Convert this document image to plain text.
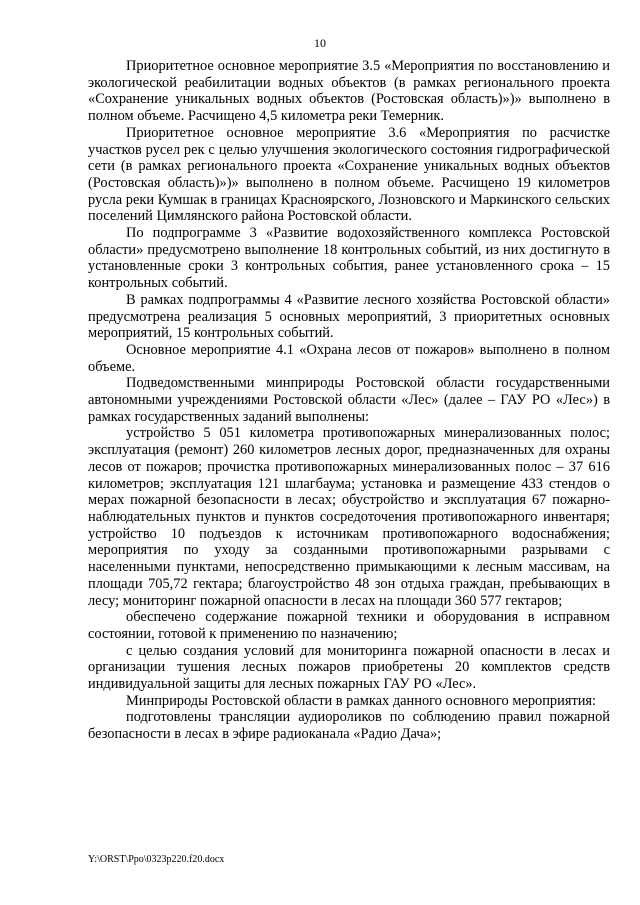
10

Приоритетное основное мероприятие 3.5 «Мероприятия по восстановлению и экологической реабилитации водных объектов (в рамках регионального проекта «Сохранение уникальных водных объектов (Ростовская область)»)» выполнено в полном объеме. Расчищено 4,5 километра реки Темерник.

Приоритетное основное мероприятие 3.6 «Мероприятия по расчистке участков русел рек с целью улучшения экологического состояния гидрографической сети (в рамках регионального проекта «Сохранение уникальных водных объектов (Ростовская область)»)» выполнено в полном объеме. Расчищено 19 километров русла реки Кумшак в границах Красноярского, Лозновского и Маркинского сельских поселений Цимлянского района Ростовской области.

По подпрограмме 3 «Развитие водохозяйственного комплекса Ростовской области» предусмотрено выполнение 18 контрольных событий, из них достигнуто в установленные сроки 3 контрольных события, ранее установленного срока – 15 контрольных событий.

В рамках подпрограммы 4 «Развитие лесного хозяйства Ростовской области» предусмотрена реализация 5 основных мероприятий, 3 приоритетных основных мероприятий, 15 контрольных событий.

Основное мероприятие 4.1 «Охрана лесов от пожаров» выполнено в полном объеме.

Подведомственными минприроды Ростовской области государственными автономными учреждениями Ростовской области «Лес» (далее – ГАУ РО «Лес») в рамках государственных заданий выполнены:

устройство 5 051 километра противопожарных минерализованных полос; эксплуатация (ремонт) 260 километров лесных дорог, предназначенных для охраны лесов от пожаров; прочистка противопожарных минерализованных полос – 37 616 километров; эксплуатация 121 шлагбаума; установка и размещение 433 стендов о мерах пожарной безопасности в лесах; обустройство и эксплуатация 67 пожарно-наблюдательных пунктов и пунктов сосредоточения противопожарного инвентаря; устройство 10 подъездов к источникам противопожарного водоснабжения; мероприятия по уходу за созданными противопожарными разрывами с населенными пунктами, непосредственно примыкающими к лесным массивам, на площади 705,72 гектара; благоустройство 48 зон отдыха граждан, пребывающих в лесу; мониторинг пожарной опасности в лесах на площади 360 577 гектаров;

обеспечено содержание пожарной техники и оборудования в исправном состоянии, готовой к применению по назначению;

с целью создания условий для мониторинга пожарной опасности в лесах и организации тушения лесных пожаров приобретены 20 комплектов средств индивидуальной защиты для лесных пожарных ГАУ РО «Лес».

Минприроды Ростовской области в рамках данного основного мероприятия:

подготовлены трансляции аудиороликов по соблюдению правил пожарной безопасности в лесах в эфире радиоканала «Радио Дача»;

Y:\ORST\Ppo\0323p220.f20.docx
